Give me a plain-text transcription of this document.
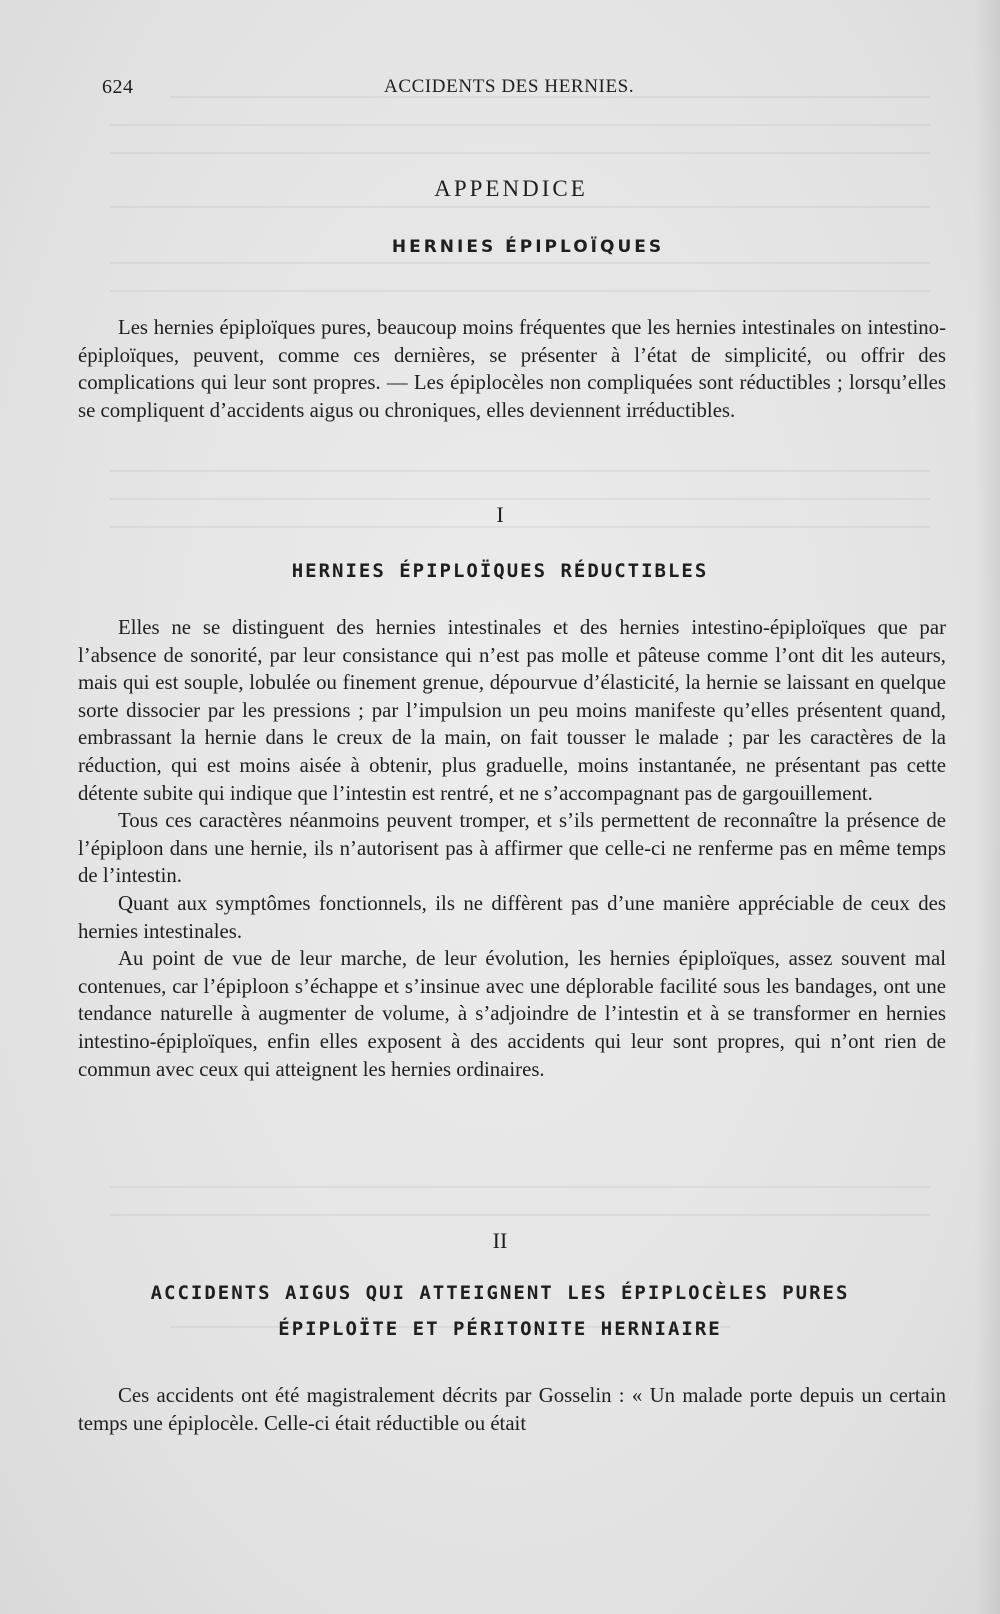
624	ACCIDENTS DES HERNIES.
APPENDICE
HERNIES ÉPIPLOÏQUES

Les hernies épiploïques pures, beaucoup moins fréquentes que les hernies intestinales on intestino-épiploïques, peuvent, comme ces dernières, se présenter à l’état de simplicité, ou offrir des complications qui leur sont propres. — Les épiplocèles non compliquées sont réductibles ; lorsqu’elles se compliquent d’accidents aigus ou chroniques, elles deviennent irréductibles.

I
HERNIES ÉPIPLOÏQUES RÉDUCTIBLES

Elles ne se distinguent des hernies intestinales et des hernies intestino-épiploïques que par l’absence de sonorité, par leur consistance qui n’est pas molle et pâteuse comme l’ont dit les auteurs, mais qui est souple, lobulée ou finement grenue, dépourvue d’élasticité, la hernie se laissant en quelque sorte dissocier par les pressions ; par l’impulsion un peu moins manifeste qu’elles présentent quand, embrassant la hernie dans le creux de la main, on fait tousser le malade ; par les caractères de la réduction, qui est moins aisée à obtenir, plus graduelle, moins instantanée, ne présentant pas cette détente subite qui indique que l’intestin est rentré, et ne s’accompagnant pas de gargouillement.

Tous ces caractères néanmoins peuvent tromper, et s’ils permettent de reconnaître la présence de l’épiploon dans une hernie, ils n’autorisent pas à affirmer que celle-ci ne renferme pas en même temps de l’intestin.

Quant aux symptômes fonctionnels, ils ne diffèrent pas d’une manière appréciable de ceux des hernies intestinales.

Au point de vue de leur marche, de leur évolution, les hernies épiploïques, assez souvent mal contenues, car l’épiploon s’échappe et s’insinue avec une déplorable facilité sous les bandages, ont une tendance naturelle à augmenter de volume, à s’adjoindre de l’intestin et à se transformer en hernies intestino-épiploïques, enfin elles exposent à des accidents qui leur sont propres, qui n’ont rien de commun avec ceux qui atteignent les hernies ordinaires.

II
ACCIDENTS AIGUS QUI ATTEIGNENT LES ÉPIPLOCÈLES PURES
ÉPIPLOÏTE ET PÉRITONITE HERNIAIRE

Ces accidents ont été magistralement décrits par Gosselin : « Un malade porte depuis un certain temps une épiplocèle. Celle-ci était réductible ou était
